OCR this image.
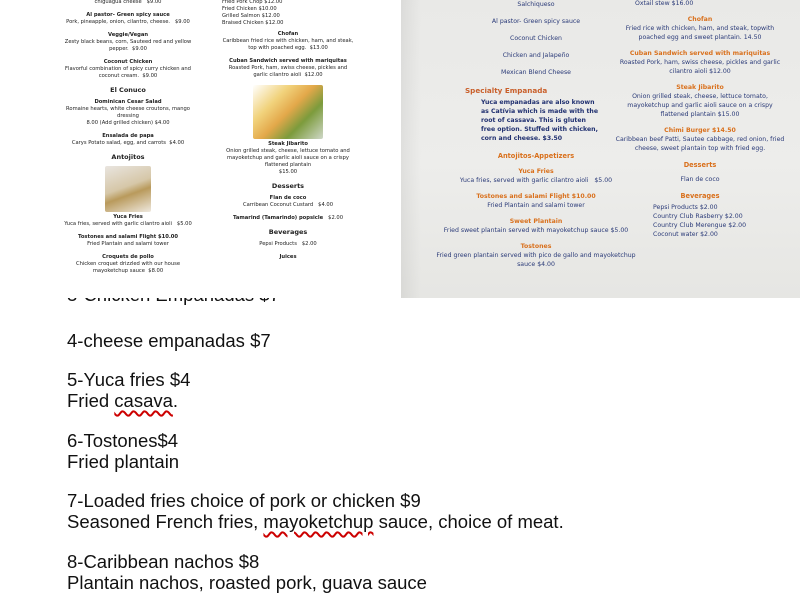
chiguagua cheese $9.00
Al pastor- Green spicy sauce
Pork, pineapple, onion, cilantro, cheese. $9.00
Veggie/Vegan
Zesty black beans, corn, Sauteed red and yellow pepper. $9.00
Coconut Chicken
Flavorful combination of spicy curry chicken and coconut cream. $9.00
El Conuco
Dominican Cesar Salad
Romaine hearts, white cheese croutons, mango dressing
8.00 (Add grilled chicken) $4.00
Ensalada de papa
Carys Potato salad, egg, and carrots $4.00
Antojitos
Yuca Fries
Yuca fries, served with garlic cilantro aioli $5.00
Tostones and salami Flight $10.00
Fried Plantain and salami tower
Croquets de pollo
Chicken croquet drizzled with our house mayoketchup sauce $8.00
Fried Pork Chop $12.00
Fried Chicken $10.00
Grilled Salmon $12.00
Braised Chicken $12.00
Chofan
Caribbean fried rice with chicken, ham, and steak, top with poached egg. $13.00
Cuban Sandwich served with mariquitas
Roasted Pork, ham, swiss cheese, pickles and garlic cilantro aioli $12.00
Steak Jibarito
Onion grilled steak, cheese, lettuce tomato and mayoketchup and garlic aioli sauce on a crispy flattened plantain
$15.00
Desserts
Flan de coco
Carribean Coconut Custard $4.00
Tamarind (Tamarindo) popsicle $2.00
Beverages
Pepsi Products $2.00
Juices
Salchiqueso
Al pastor- Green spicy sauce
Coconut Chicken
Chicken and Jalapeño
Mexican Blend Cheese
Specialty Empanada
Yuca empanadas are also known as Catívia which is made with the root of cassava. This is gluten free option. Stuffed with chicken, corn and cheese. $3.50
Antojitos-Appetizers
Yuca Fries
Yuca fries, served with garlic cilantro aioli $5.00
Tostones and salami Flight $10.00
Fried Plantain and salami tower
Sweet Plantain
Fried sweet plantain served with mayoketchup sauce $5.00
Tostones
Fried green plantain served with pico de gallo and mayoketchup sauce $4.00
Oxtail stew $16.00
Chofan
Fried rice with chicken, ham, and steak, topwith poached egg and sweet plantain. 14.50
Cuban Sandwich served with mariquitas
Roasted Pork, ham, swiss cheese, pickles and garlic cilantro aioli $12.00
Steak Jibarito
Onion grilled steak, cheese, lettuce tomato, mayoketchup and garlic aioli sauce on a crispy flattened plantain $15.00
Chimi Burger $14.50
Caribbean beef Patti, Sautee cabbage, red onion, fried cheese, sweet plantain top with fried egg.
Desserts
Flan de coco
Beverages
Pepsi Products $2.00
Country Club Rasberry $2.00
Country Club Merengue $2.00
Coconut water $2.00
4-cheese empanadas $7
5-Yuca fries $4
Fried casava.
6-Tostones$4
Fried plantain
7-Loaded fries choice of pork or chicken $9
Seasoned French fries, mayoketchup sauce, choice of meat.
8-Caribbean nachos $8
Plantain nachos, roasted pork, guava sauce
